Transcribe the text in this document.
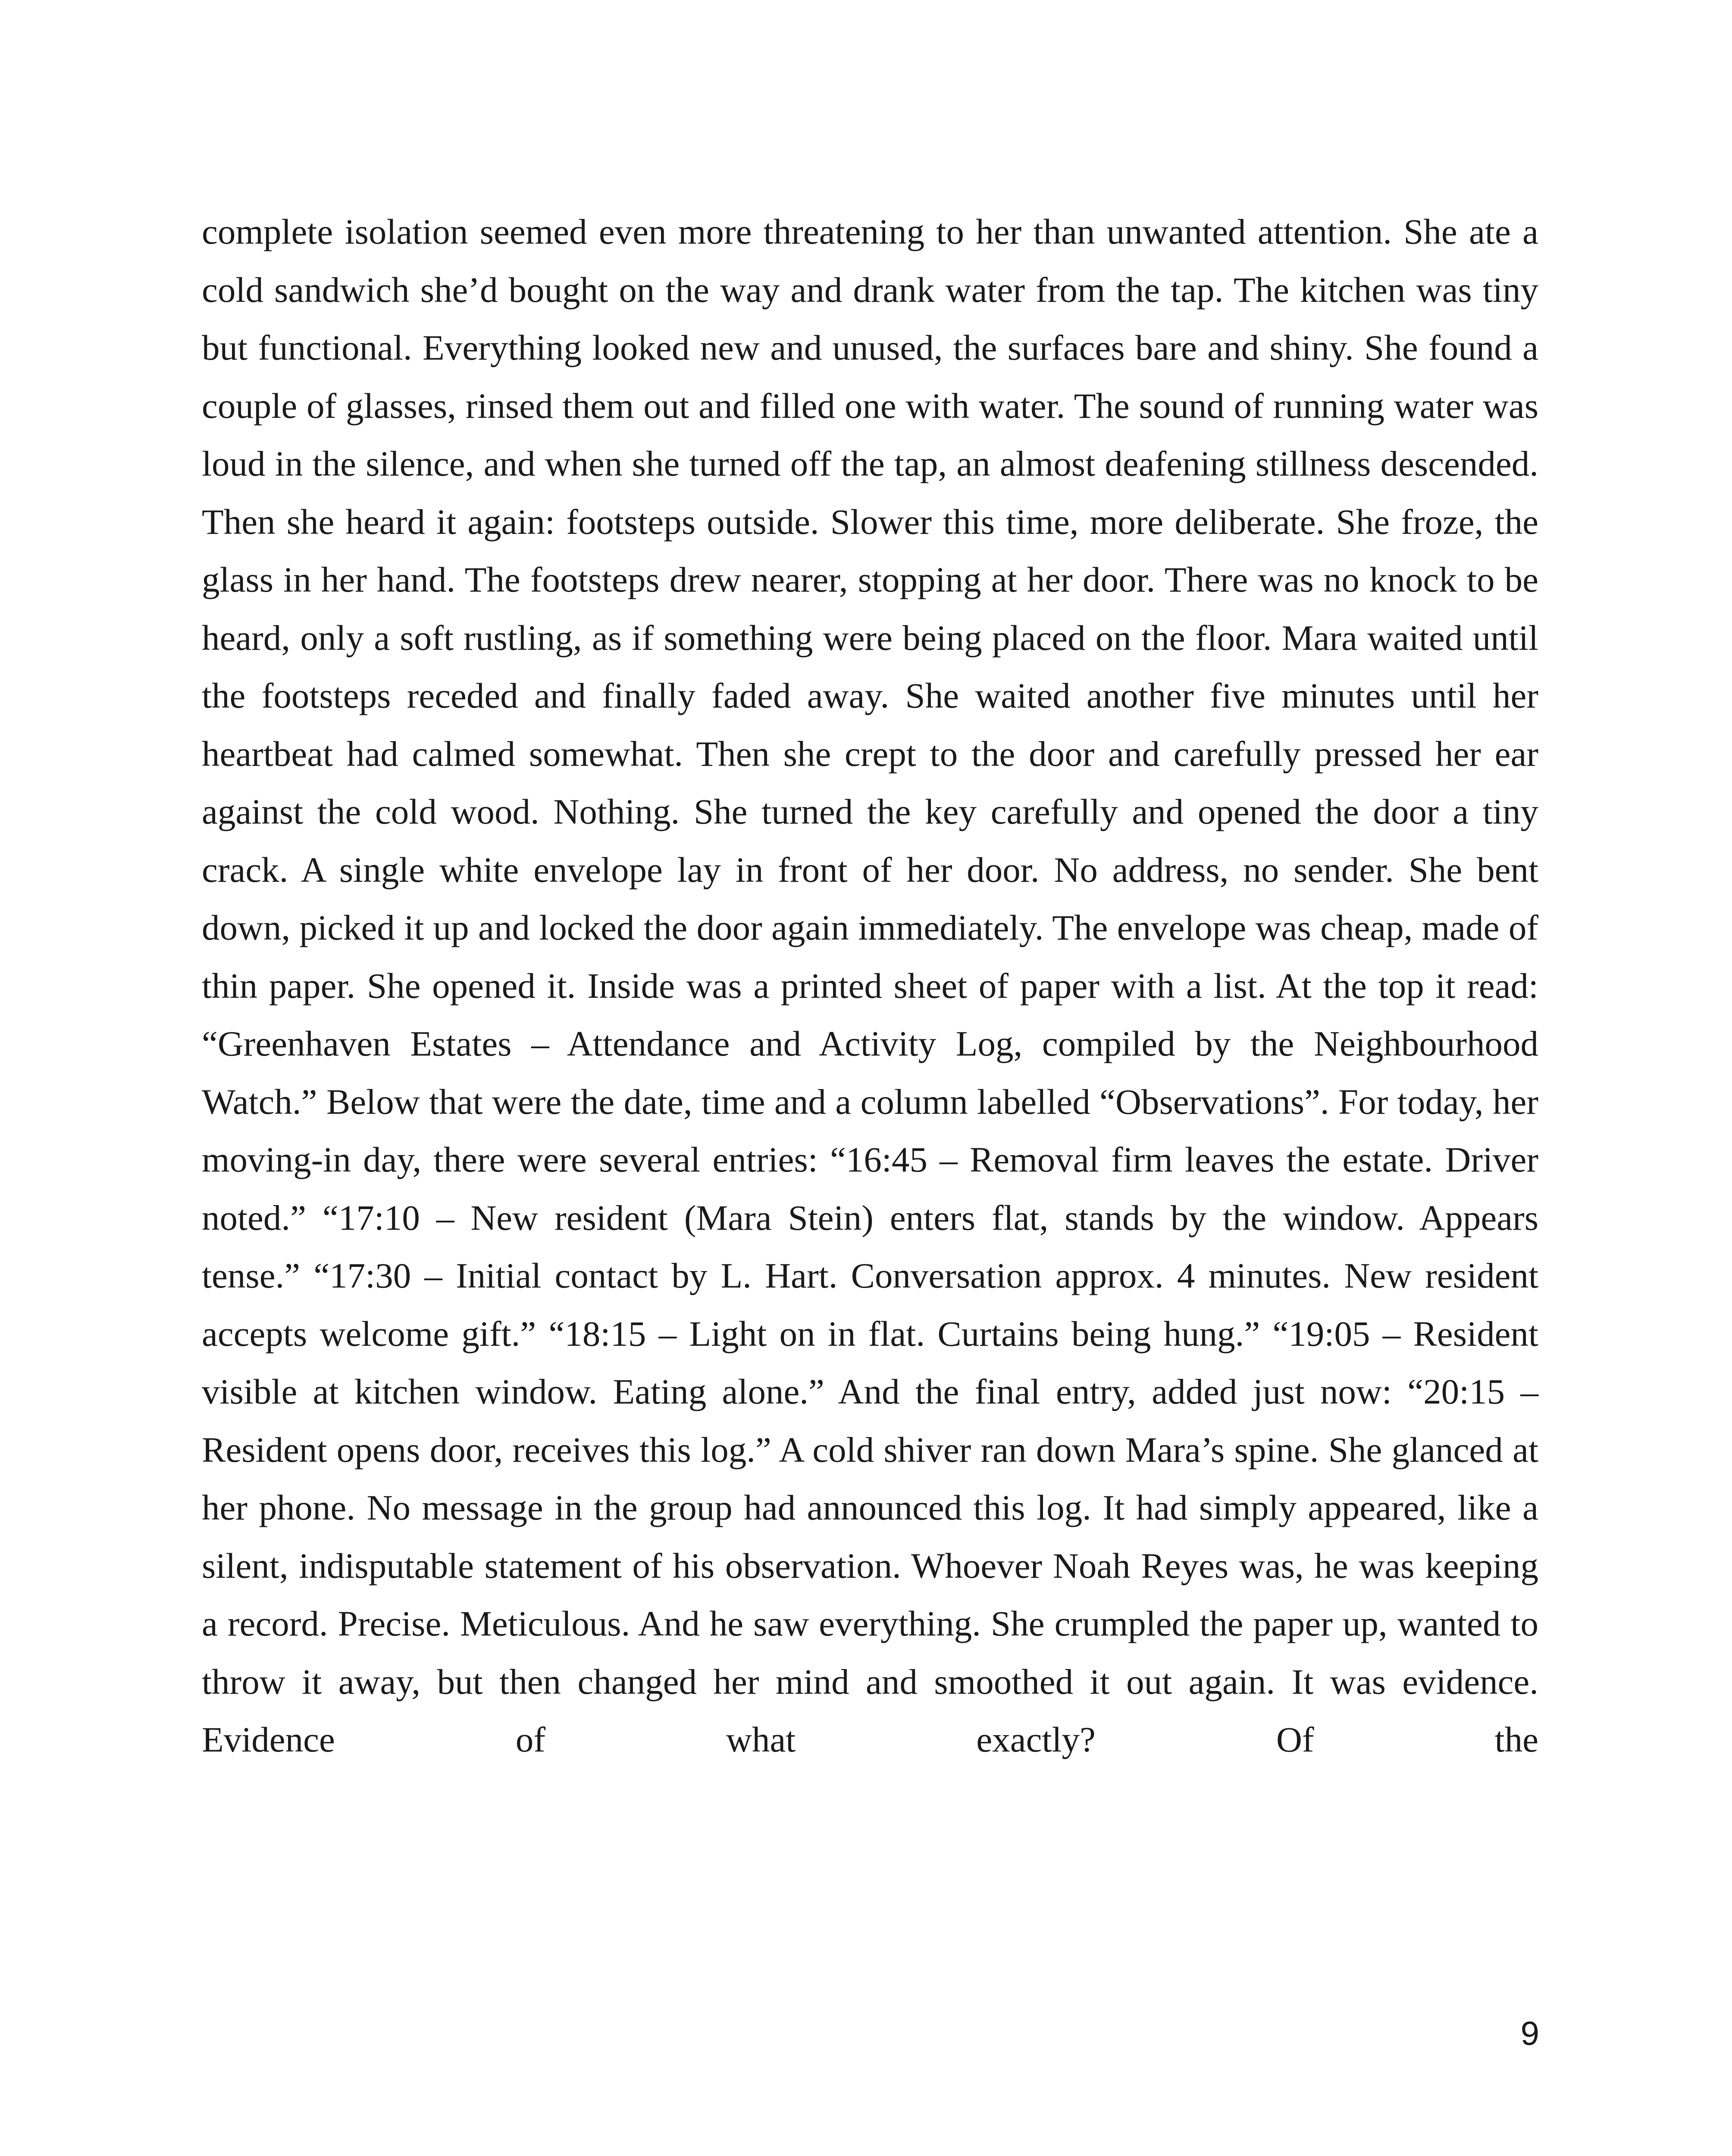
complete isolation seemed even more threatening to her than unwanted attention. She ate a cold sandwich she’d bought on the way and drank water from the tap. The kitchen was tiny but functional. Everything looked new and unused, the surfaces bare and shiny. She found a couple of glasses, rinsed them out and filled one with water. The sound of running water was loud in the silence, and when she turned off the tap, an almost deafening stillness descended. Then she heard it again: footsteps outside. Slower this time, more deliberate. She froze, the glass in her hand. The footsteps drew nearer, stopping at her door. There was no knock to be heard, only a soft rustling, as if something were being placed on the floor. Mara waited until the footsteps receded and finally faded away. She waited another five minutes until her heartbeat had calmed somewhat. Then she crept to the door and carefully pressed her ear against the cold wood. Nothing. She turned the key carefully and opened the door a tiny crack. A single white envelope lay in front of her door. No address, no sender. She bent down, picked it up and locked the door again immediately. The envelope was cheap, made of thin paper. She opened it. Inside was a printed sheet of paper with a list. At the top it read: “Greenhaven Estates – Attendance and Activity Log, compiled by the Neighbourhood Watch.” Below that were the date, time and a column labelled “Observations”. For today, her moving-in day, there were several entries: “16:45 – Removal firm leaves the estate. Driver noted.” “17:10 – New resident (Mara Stein) enters flat, stands by the window. Appears tense.” “17:30 – Initial contact by L. Hart. Conversation approx. 4 minutes. New resident accepts welcome gift.” “18:15 – Light on in flat. Curtains being hung.” “19:05 – Resident visible at kitchen window. Eating alone.” And the final entry, added just now: “20:15 – Resident opens door, receives this log.” A cold shiver ran down Mara’s spine. She glanced at her phone. No message in the group had announced this log. It had simply appeared, like a silent, indisputable statement of his observation. Whoever Noah Reyes was, he was keeping a record. Precise. Meticulous. And he saw everything. She crumpled the paper up, wanted to throw it away, but then changed her mind and smoothed it out again. It was evidence. Evidence of what exactly? Of the

9
